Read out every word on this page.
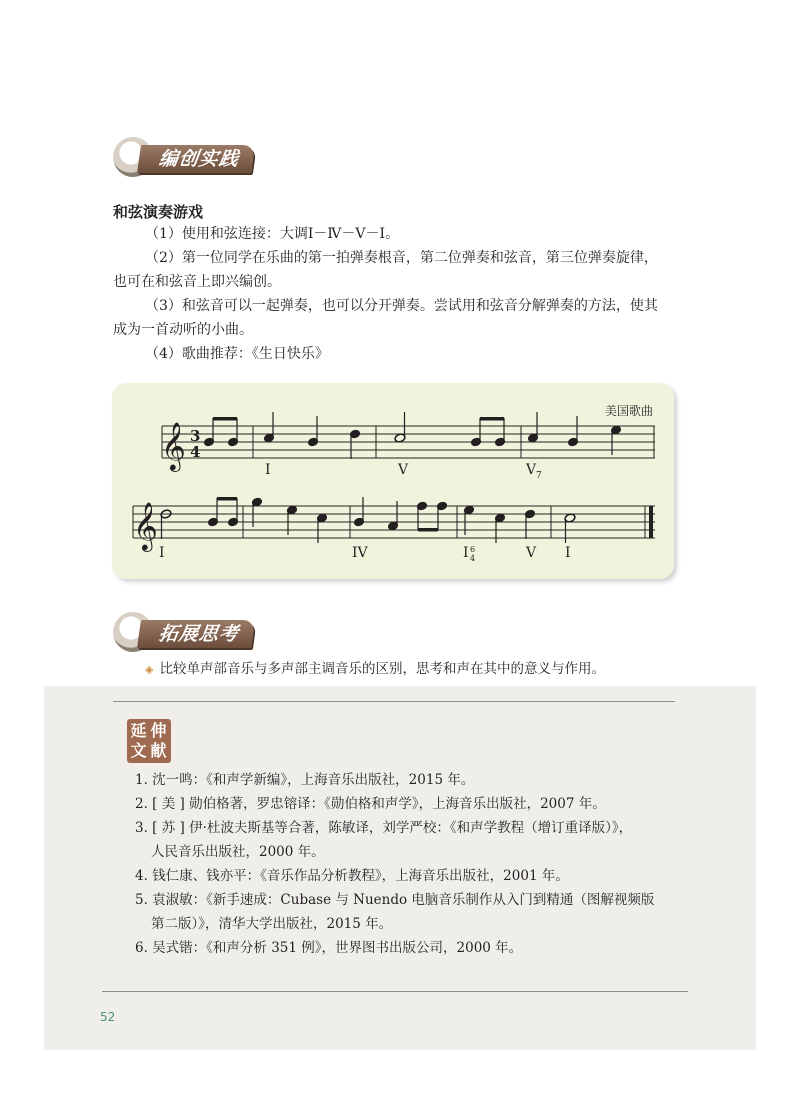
编创实践
和弦演奏游戏
（1）使用和弦连接：大调Ⅰ－Ⅳ－Ⅴ－Ⅰ。
（2）第一位同学在乐曲的第一拍弹奏根音，第二位弹奏和弦音，第三位弹奏旋律，
也可在和弦音上即兴编创。
（3）和弦音可以一起弹奏，也可以分开弹奏。尝试用和弦音分解弹奏的方法，使其
成为一首动听的小曲。
（4）歌曲推荐：《生日快乐》
美国歌曲
𝄞
𝄞
3
4
I	V	V 7
I	IV	I 6
4	V I
拓展思考
◈ 比较单声部音乐与多声部主调音乐的区别，思考和声在其中的意义与作用。
延伸
文献
1. 沈一鸣：《和声学新编》，上海音乐出版社，2015 年。
2. [ 美 ] 勋伯格著，罗忠镕译：《勋伯格和声学》，上海音乐出版社，2007 年。
3. [ 苏 ] 伊·杜波夫斯基等合著，陈敏译，刘学严校：《和声学教程（增订重译版）》，
人民音乐出版社，2000 年。
4. 钱仁康、钱亦平：《音乐作品分析教程》，上海音乐出版社，2001 年。
5. 袁淑敏：《新手速成：Cubase 与 Nuendo 电脑音乐制作从入门到精通（图解视频版
第二版）》，清华大学出版社，2015 年。
6. 吴式锴：《和声分析 351 例》，世界图书出版公司，2000 年。
52
